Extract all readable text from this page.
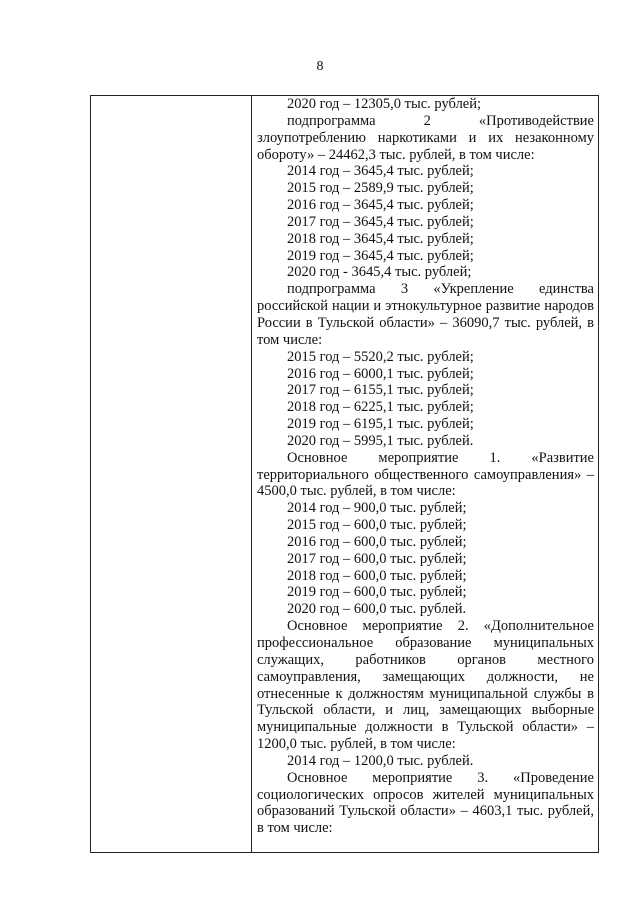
8

2020 год – 12305,0 тыс. рублей;

подпрограмма 2 «Противодействие злоупотреблению наркотиками и их незаконному обороту» – 24462,3 тыс. рублей, в том числе:

2014 год – 3645,4 тыс. рублей;

2015 год – 2589,9 тыс. рублей;

2016 год – 3645,4 тыс. рублей;

2017 год – 3645,4 тыс. рублей;

2018 год – 3645,4 тыс. рублей;

2019 год – 3645,4 тыс. рублей;

2020 год - 3645,4 тыс. рублей;

подпрограмма 3 «Укрепление единства российской нации и этнокультурное развитие народов России в Тульской области» – 36090,7 тыс. рублей, в том числе:

2015 год – 5520,2 тыс. рублей;

2016 год – 6000,1 тыс. рублей;

2017 год – 6155,1 тыс. рублей;

2018 год – 6225,1 тыс. рублей;

2019 год – 6195,1 тыс. рублей;

2020 год – 5995,1 тыс. рублей.

Основное мероприятие 1. «Развитие территориального общественного самоуправления» – 4500,0 тыс. рублей, в том числе:

2014 год – 900,0 тыс. рублей;

2015 год – 600,0 тыс. рублей;

2016 год – 600,0 тыс. рублей;

2017 год – 600,0 тыс. рублей;

2018 год – 600,0 тыс. рублей;

2019 год – 600,0 тыс. рублей;

2020 год – 600,0 тыс. рублей.

Основное мероприятие 2. «Дополнительное профессиональное образование муниципальных служащих, работников органов местного самоуправления, замещающих должности, не отнесенные к должностям муниципальной службы в Тульской области, и лиц, замещающих выборные муниципальные должности в Тульской области» – 1200,0 тыс. рублей, в том числе:

2014 год – 1200,0 тыс. рублей.

Основное мероприятие 3. «Проведение социологических опросов жителей муниципальных образований Тульской области» – 4603,1 тыс. рублей, в том числе:
